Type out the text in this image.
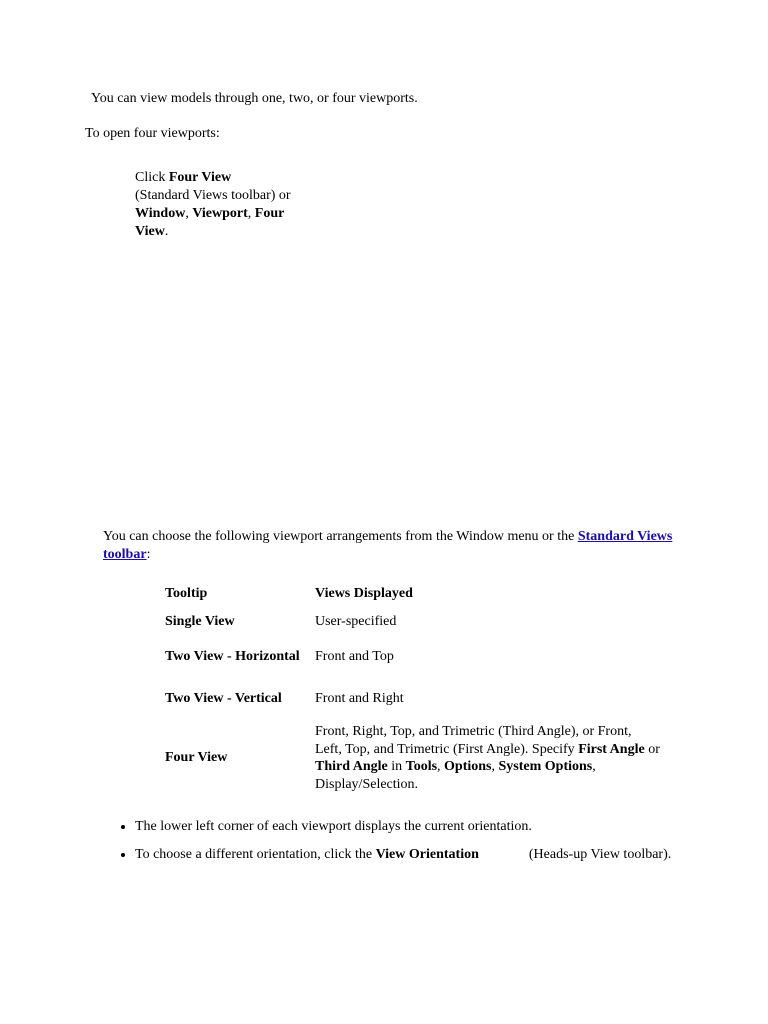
You can view models through one, two, or four viewports.
To open four viewports:
Click Four View
(Standard Views toolbar) or
Window, Viewport, Four
View.
You can choose the following viewport arrangements from the Window menu or the Standard Views toolbar:
Tooltip	Views Displayed
Single View	User-specified
Two View - Horizontal	Front and Top
Two View - Vertical	Front and Right
Four View	Front, Right, Top, and Trimetric (Third Angle), or Front, Left, Top, and Trimetric (First Angle). Specify First Angle or Third Angle in Tools, Options, System Options, Display/Selection.
• The lower left corner of each viewport displays the current orientation.
• To choose a different orientation, click the View Orientation	(Heads-up View toolbar).
